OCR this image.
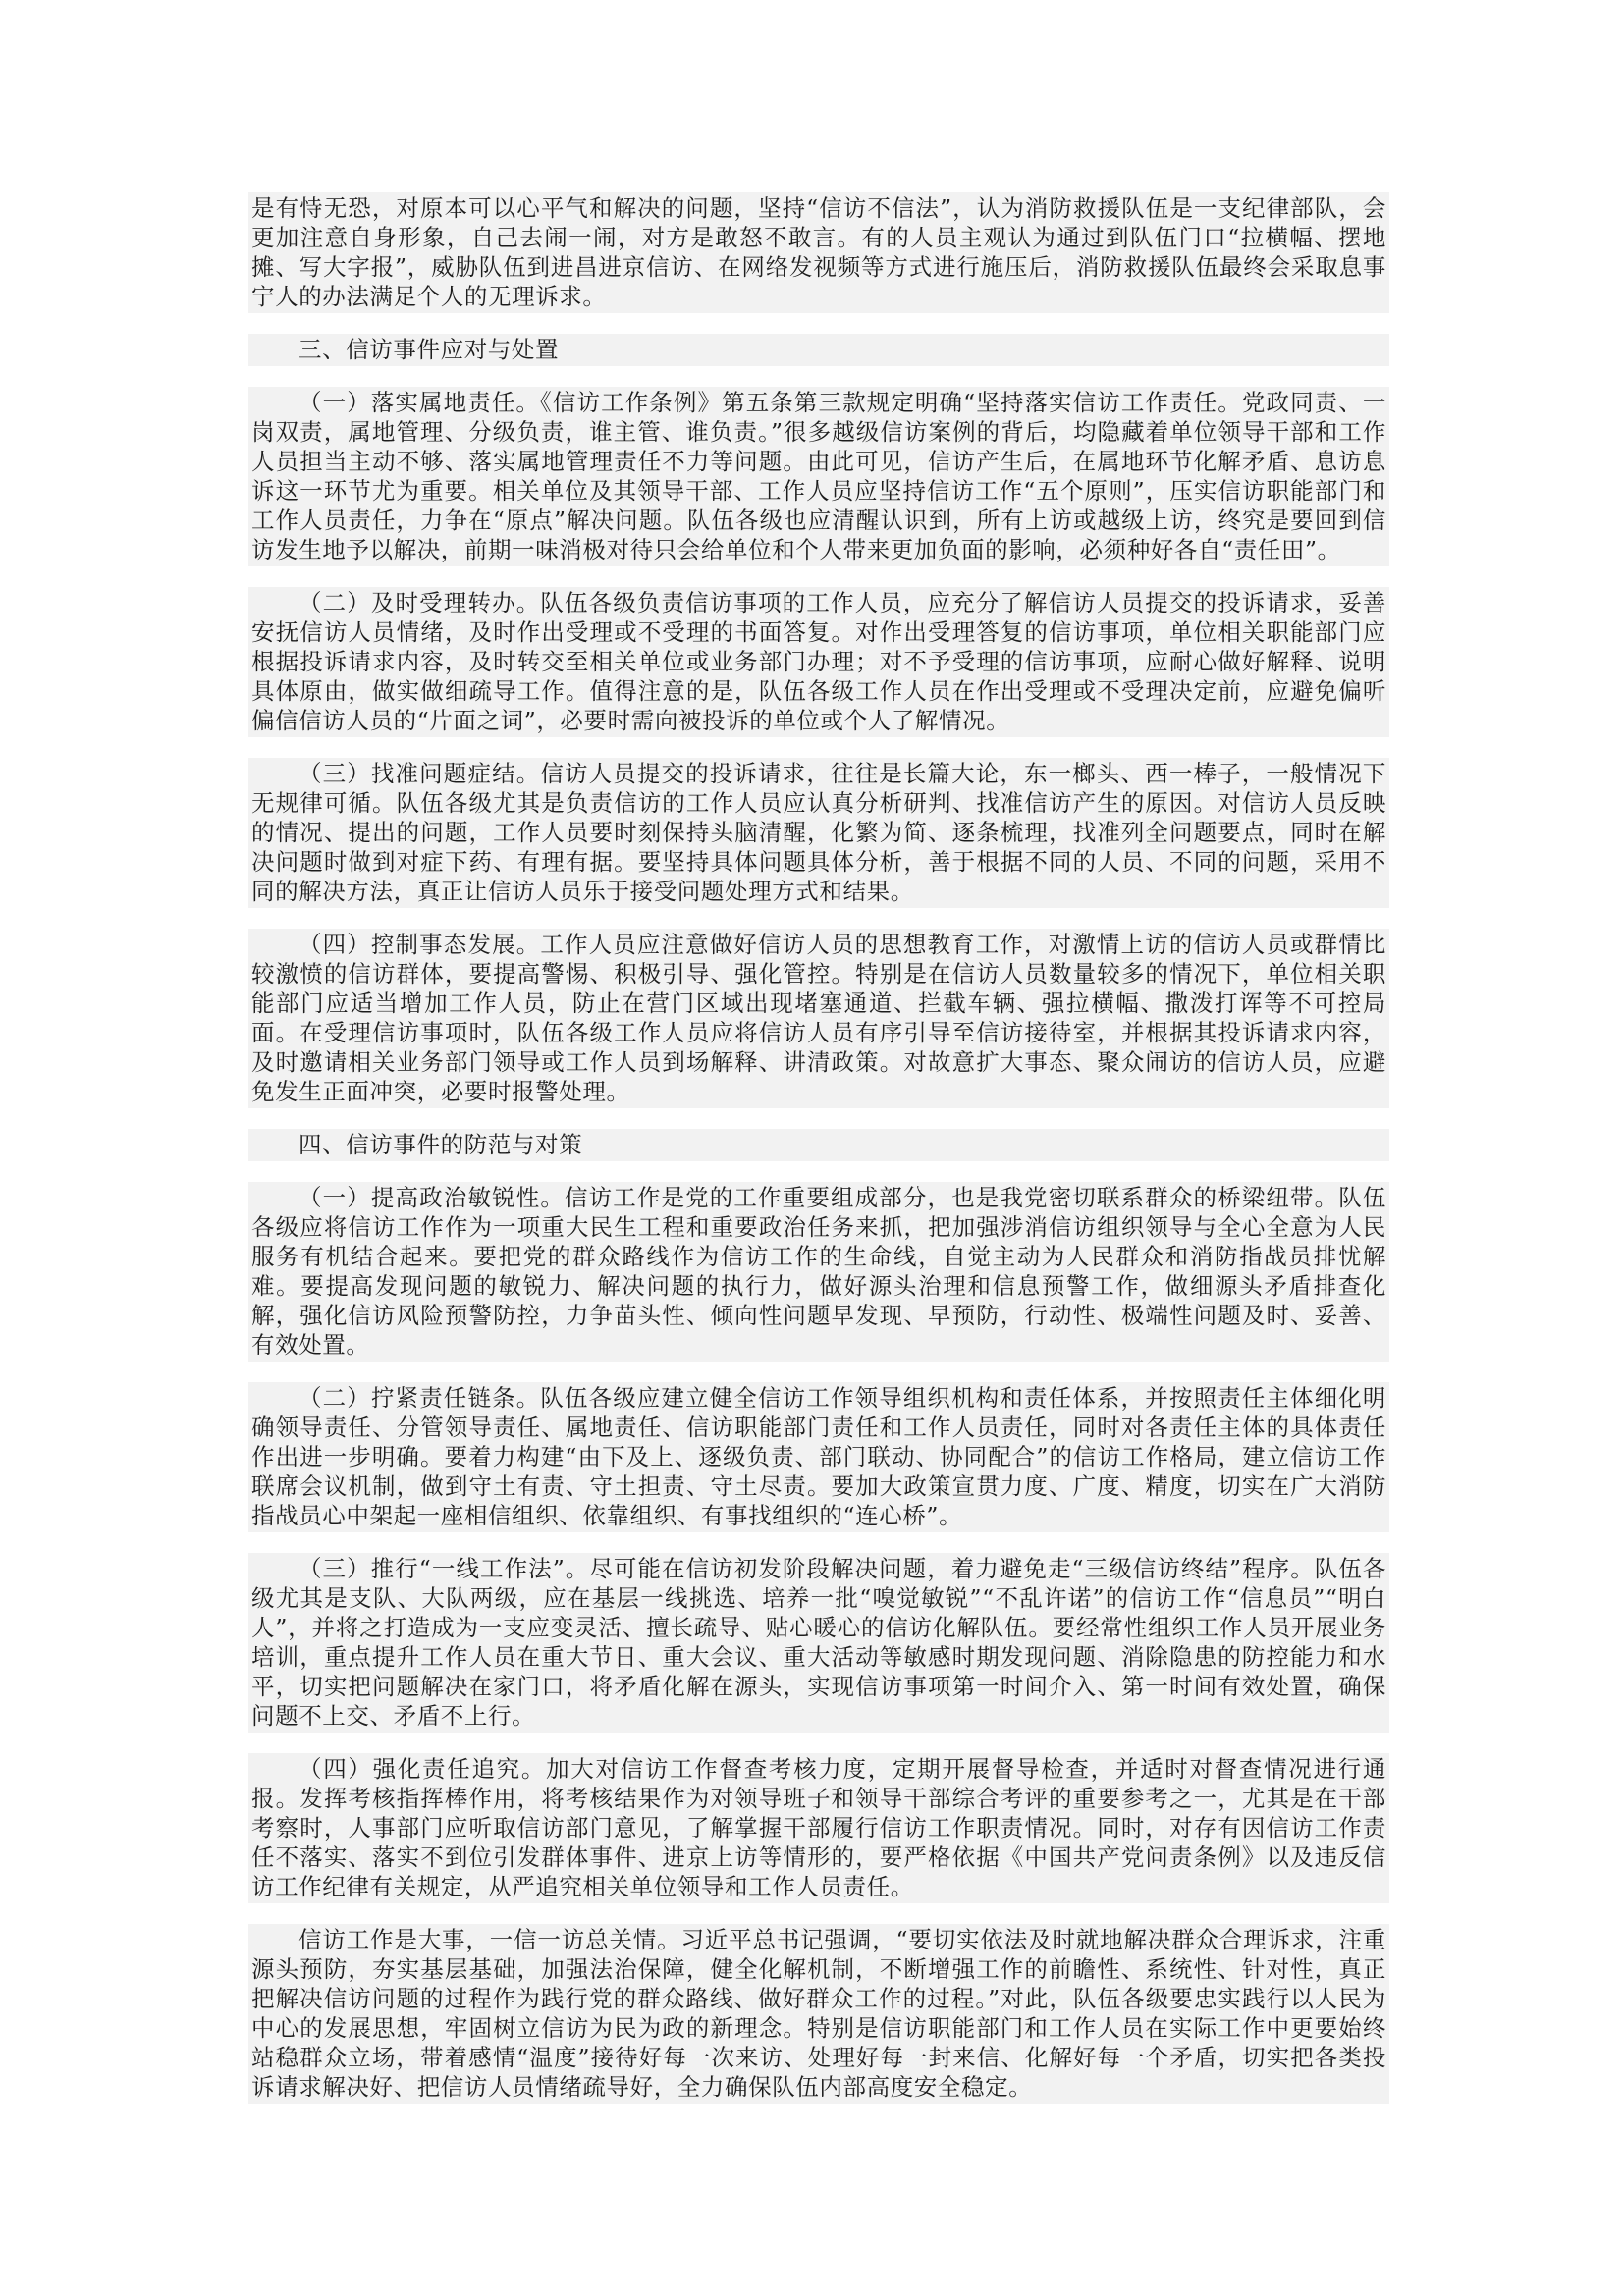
是有恃无恐，对原本可以心平气和解决的问题，坚持“信访不信法”，认为消防救援队伍是一支纪律部队，会更加注意自身形象，自己去闹一闹，对方是敢怒不敢言。有的人员主观认为通过到队伍门口“拉横幅、摆地摊、写大字报”，威胁队伍到进昌进京信访、在网络发视频等方式进行施压后，消防救援队伍最终会采取息事宁人的办法满足个人的无理诉求。

三、信访事件应对与处置

（一）落实属地责任。《信访工作条例》第五条第三款规定明确“坚持落实信访工作责任。党政同责、一岗双责，属地管理、分级负责，谁主管、谁负责。”很多越级信访案例的背后，均隐藏着单位领导干部和工作人员担当主动不够、落实属地管理责任不力等问题。由此可见，信访产生后，在属地环节化解矛盾、息访息诉这一环节尤为重要。相关单位及其领导干部、工作人员应坚持信访工作“五个原则”，压实信访职能部门和工作人员责任，力争在“原点”解决问题。队伍各级也应清醒认识到，所有上访或越级上访，终究是要回到信访发生地予以解决，前期一味消极对待只会给单位和个人带来更加负面的影响，必须种好各自“责任田”。

（二）及时受理转办。队伍各级负责信访事项的工作人员，应充分了解信访人员提交的投诉请求，妥善安抚信访人员情绪，及时作出受理或不受理的书面答复。对作出受理答复的信访事项，单位相关职能部门应根据投诉请求内容，及时转交至相关单位或业务部门办理；对不予受理的信访事项，应耐心做好解释、说明具体原由，做实做细疏导工作。值得注意的是，队伍各级工作人员在作出受理或不受理决定前，应避免偏听偏信信访人员的“片面之词”，必要时需向被投诉的单位或个人了解情况。

（三）找准问题症结。信访人员提交的投诉请求，往往是长篇大论，东一榔头、西一棒子，一般情况下无规律可循。队伍各级尤其是负责信访的工作人员应认真分析研判、找准信访产生的原因。对信访人员反映的情况、提出的问题，工作人员要时刻保持头脑清醒，化繁为简、逐条梳理，找准列全问题要点，同时在解决问题时做到对症下药、有理有据。要坚持具体问题具体分析，善于根据不同的人员、不同的问题，采用不同的解决方法，真正让信访人员乐于接受问题处理方式和结果。

（四）控制事态发展。工作人员应注意做好信访人员的思想教育工作，对激情上访的信访人员或群情比较激愤的信访群体，要提高警惕、积极引导、强化管控。特别是在信访人员数量较多的情况下，单位相关职能部门应适当增加工作人员，防止在营门区域出现堵塞通道、拦截车辆、强拉横幅、撒泼打诨等不可控局面。在受理信访事项时，队伍各级工作人员应将信访人员有序引导至信访接待室，并根据其投诉请求内容，及时邀请相关业务部门领导或工作人员到场解释、讲清政策。对故意扩大事态、聚众闹访的信访人员，应避免发生正面冲突，必要时报警处理。

四、信访事件的防范与对策

（一）提高政治敏锐性。信访工作是党的工作重要组成部分，也是我党密切联系群众的桥梁纽带。队伍各级应将信访工作作为一项重大民生工程和重要政治任务来抓，把加强涉消信访组织领导与全心全意为人民服务有机结合起来。要把党的群众路线作为信访工作的生命线，自觉主动为人民群众和消防指战员排忧解难。要提高发现问题的敏锐力、解决问题的执行力，做好源头治理和信息预警工作，做细源头矛盾排查化解，强化信访风险预警防控，力争苗头性、倾向性问题早发现、早预防，行动性、极端性问题及时、妥善、有效处置。

（二）拧紧责任链条。队伍各级应建立健全信访工作领导组织机构和责任体系，并按照责任主体细化明确领导责任、分管领导责任、属地责任、信访职能部门责任和工作人员责任，同时对各责任主体的具体责任作出进一步明确。要着力构建“由下及上、逐级负责、部门联动、协同配合”的信访工作格局，建立信访工作联席会议机制，做到守土有责、守土担责、守土尽责。要加大政策宣贯力度、广度、精度，切实在广大消防指战员心中架起一座相信组织、依靠组织、有事找组织的“连心桥”。

（三）推行“一线工作法”。尽可能在信访初发阶段解决问题，着力避免走“三级信访终结”程序。队伍各级尤其是支队、大队两级，应在基层一线挑选、培养一批“嗅觉敏锐”“不乱许诺”的信访工作“信息员”“明白人”，并将之打造成为一支应变灵活、擅长疏导、贴心暖心的信访化解队伍。要经常性组织工作人员开展业务培训，重点提升工作人员在重大节日、重大会议、重大活动等敏感时期发现问题、消除隐患的防控能力和水平，切实把问题解决在家门口，将矛盾化解在源头，实现信访事项第一时间介入、第一时间有效处置，确保问题不上交、矛盾不上行。

（四）强化责任追究。加大对信访工作督查考核力度，定期开展督导检查，并适时对督查情况进行通报。发挥考核指挥棒作用，将考核结果作为对领导班子和领导干部综合考评的重要参考之一，尤其是在干部考察时，人事部门应听取信访部门意见，了解掌握干部履行信访工作职责情况。同时，对存有因信访工作责任不落实、落实不到位引发群体事件、进京上访等情形的，要严格依据《中国共产党问责条例》以及违反信访工作纪律有关规定，从严追究相关单位领导和工作人员责任。

信访工作是大事，一信一访总关情。习近平总书记强调，“要切实依法及时就地解决群众合理诉求，注重源头预防，夯实基层基础，加强法治保障，健全化解机制，不断增强工作的前瞻性、系统性、针对性，真正把解决信访问题的过程作为践行党的群众路线、做好群众工作的过程。”对此，队伍各级要忠实践行以人民为中心的发展思想，牢固树立信访为民为政的新理念。特别是信访职能部门和工作人员在实际工作中更要始终站稳群众立场，带着感情“温度”接待好每一次来访、处理好每一封来信、化解好每一个矛盾，切实把各类投诉请求解决好、把信访人员情绪疏导好，全力确保队伍内部高度安全稳定。
